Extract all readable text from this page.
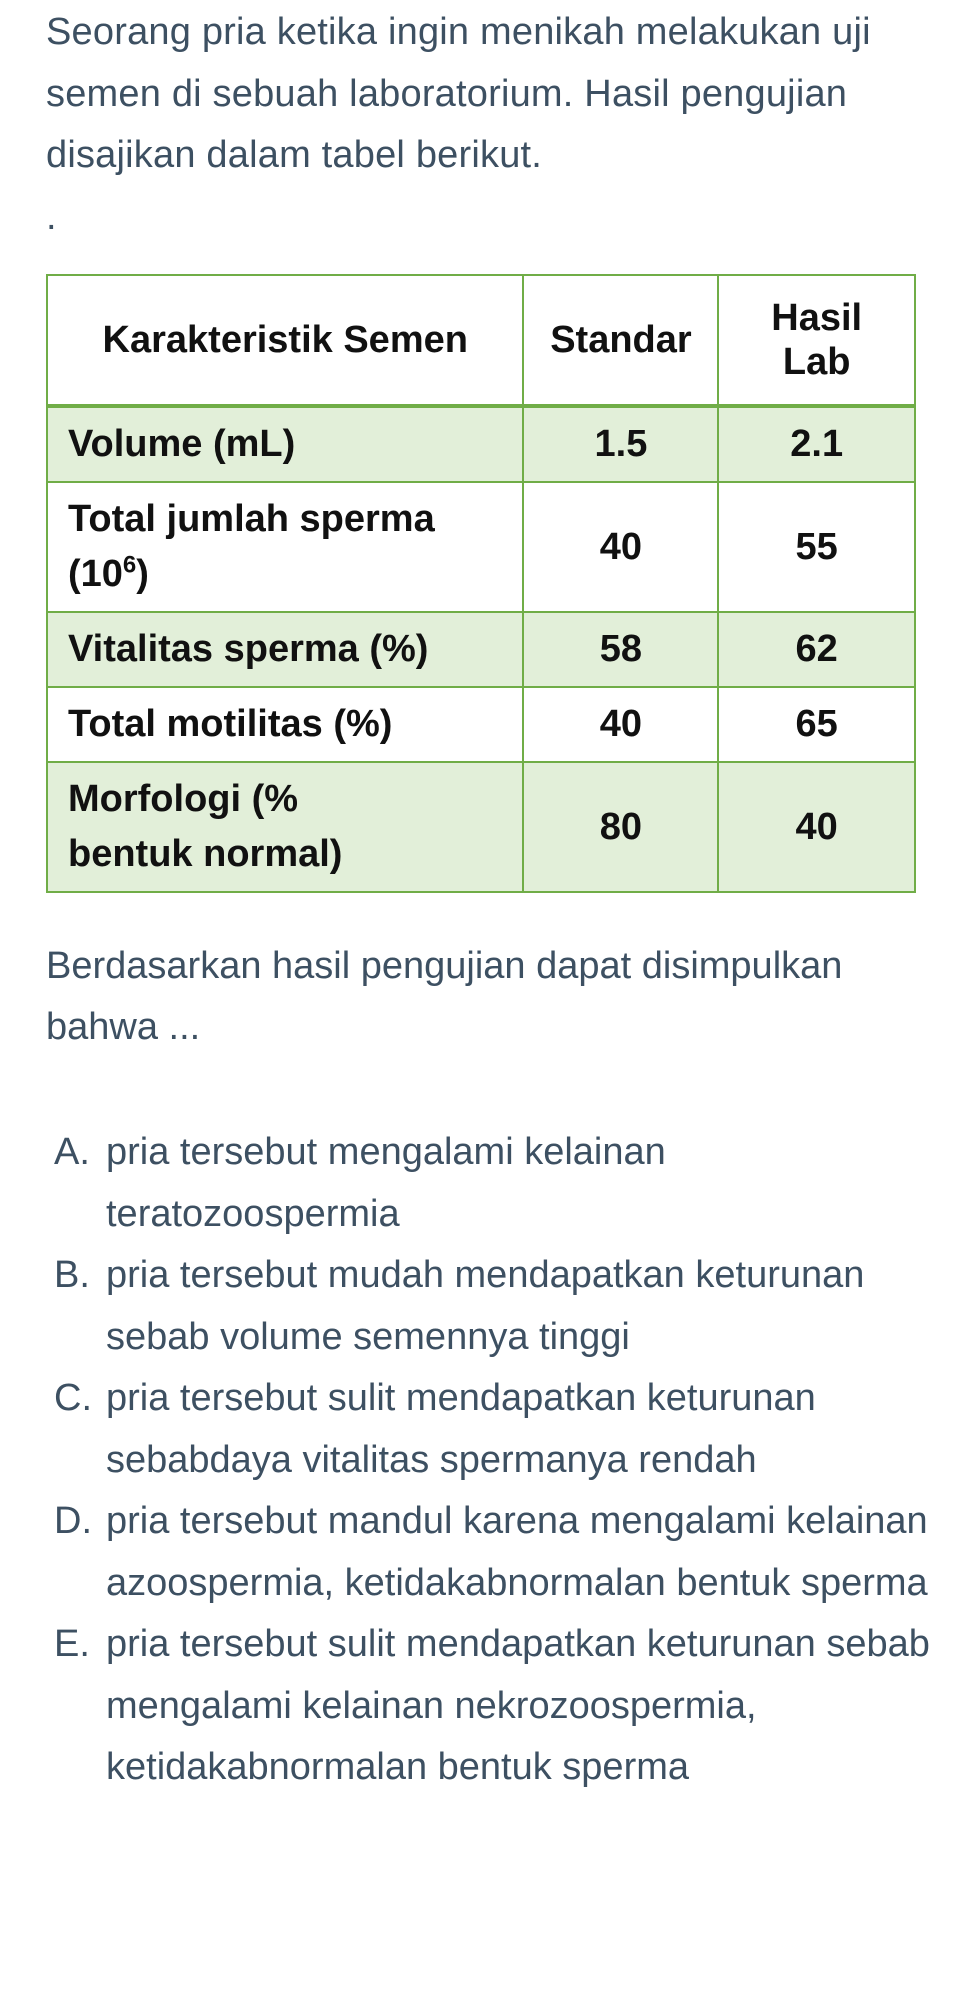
Seorang pria ketika ingin menikah melakukan uji semen di sebuah laboratorium. Hasil pengujian disajikan dalam tabel berikut.

.

Karakteristik Semen	Standar	Hasil Lab
Volume (mL)	1.5	2.1
Total jumlah sperma $(10^6)$	40	55
Vitalitas sperma (%)	58	62
Total motilitas (%)	40	65
Morfologi (% bentuk normal)	80	40

Berdasarkan hasil pengujian dapat disimpulkan bahwa ...

A. pria tersebut mengalami kelainan teratozoospermia
B. pria tersebut mudah mendapatkan keturunan sebab volume semennya tinggi
C. pria tersebut sulit mendapatkan keturunan sebabdaya vitalitas spermanya rendah
D. pria tersebut mandul karena mengalami kelainan azoospermia, ketidakabnormalan bentuk sperma
E. pria tersebut sulit mendapatkan keturunan sebab mengalami kelainan nekrozoospermia, ketidakabnormalan bentuk sperma
